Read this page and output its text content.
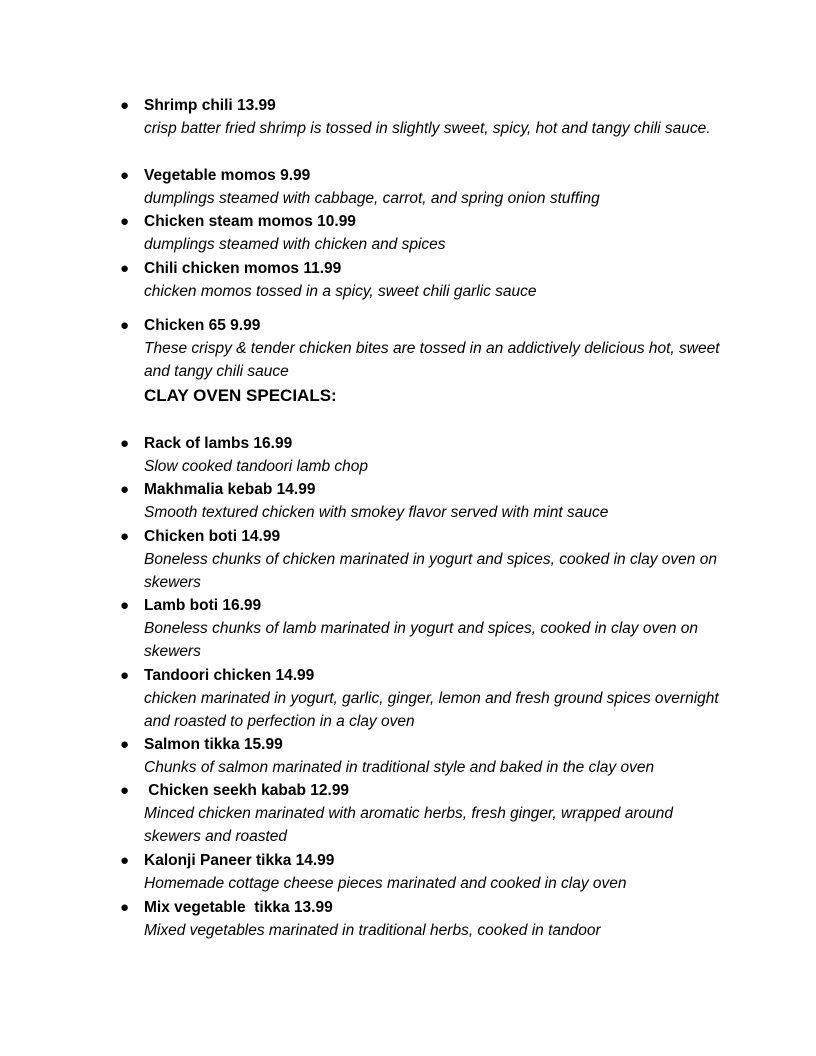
● Shrimp chili 13.99
crisp batter fried shrimp is tossed in slightly sweet, spicy, hot and tangy chili sauce.
● Vegetable momos 9.99
dumplings steamed with cabbage, carrot, and spring onion stuffing
● Chicken steam momos 10.99
dumplings steamed with chicken and spices
● Chili chicken momos 11.99
chicken momos tossed in a spicy, sweet chili garlic sauce
● Chicken 65 9.99
These crispy & tender chicken bites are tossed in an addictively delicious hot, sweet and tangy chili sauce
CLAY OVEN SPECIALS:
● Rack of lambs 16.99
Slow cooked tandoori lamb chop
● Makhmalia kebab 14.99
Smooth textured chicken with smokey flavor served with mint sauce
● Chicken boti 14.99
Boneless chunks of chicken marinated in yogurt and spices, cooked in clay oven on skewers
● Lamb boti 16.99
Boneless chunks of lamb marinated in yogurt and spices, cooked in clay oven on skewers
● Tandoori chicken 14.99
chicken marinated in yogurt, garlic, ginger, lemon and fresh ground spices overnight and roasted to perfection in a clay oven
● Salmon tikka 15.99
Chunks of salmon marinated in traditional style and baked in the clay oven
● Chicken seekh kabab 12.99
Minced chicken marinated with aromatic herbs, fresh ginger, wrapped around skewers and roasted
● Kalonji Paneer tikka 14.99
Homemade cottage cheese pieces marinated and cooked in clay oven
● Mix vegetable  tikka 13.99
Mixed vegetables marinated in traditional herbs, cooked in tandoor
